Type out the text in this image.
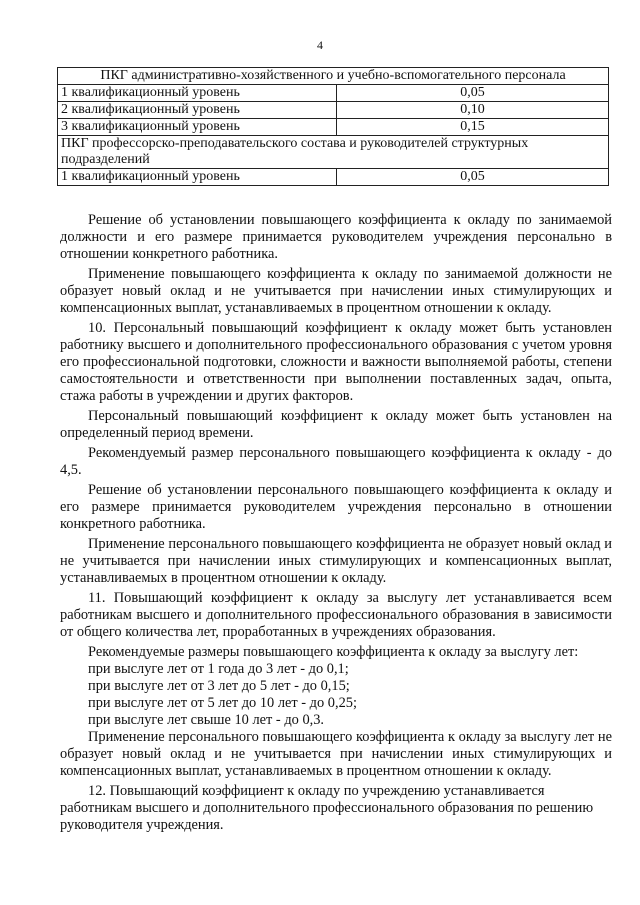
4
ПКГ административно-хозяйственного и учебно-вспомогательного персонала	
1 квалификационный уровень	0,05
2 квалификационный уровень	0,10
3 квалификационный уровень	0,15
ПКГ профессорско-преподавательского состава и руководителей структурных подразделений	
1 квалификационный уровень	0,05

Решение об установлении повышающего коэффициента к окладу по занимаемой должности и его размере принимается руководителем учреждения персонально в отношении конкретного работника.

Применение повышающего коэффициента к окладу по занимаемой должности не образует новый оклад и не учитывается при начислении иных стимулирующих и компенсационных выплат, устанавливаемых в процентном отношении к окладу.

10. Персональный повышающий коэффициент к окладу может быть установлен работнику высшего и дополнительного профессионального образования с учетом уровня его профессиональной подготовки, сложности и важности выполняемой работы, степени самостоятельности и ответственности при выполнении поставленных задач, опыта, стажа работы в учреждении и других факторов.

Персональный повышающий коэффициент к окладу может быть установлен на определенный период времени.

Рекомендуемый размер персонального повышающего коэффициента к окладу - до 4,5.

Решение об установлении персонального повышающего коэффициента к окладу и его размере принимается руководителем учреждения персонально в отношении конкретного работника.

Применение персонального повышающего коэффициента не образует новый оклад и не учитывается при начислении иных стимулирующих и компенсационных выплат, устанавливаемых в процентном отношении к окладу.

11. Повышающий коэффициент к окладу за выслугу лет устанавливается всем работникам высшего и дополнительного профессионального образования в зависимости от общего количества лет, проработанных в учреждениях образования.

Рекомендуемые размеры повышающего коэффициента к окладу за выслугу лет:

при выслуге лет от 1 года до 3 лет - до 0,1;

при выслуге лет от 3 лет до 5 лет - до 0,15;

при выслуге лет от 5 лет до 10 лет - до 0,25;

при выслуге лет свыше 10 лет - до 0,3.

Применение персонального повышающего коэффициента к окладу за выслугу лет не образует новый оклад и не учитывается при начислении иных стимулирующих и компенсационных выплат, устанавливаемых в процентном отношении к окладу.

12. Повышающий коэффициент к окладу по учреждению устанавливается работникам высшего и дополнительного профессионального образования по решению руководителя учреждения.
